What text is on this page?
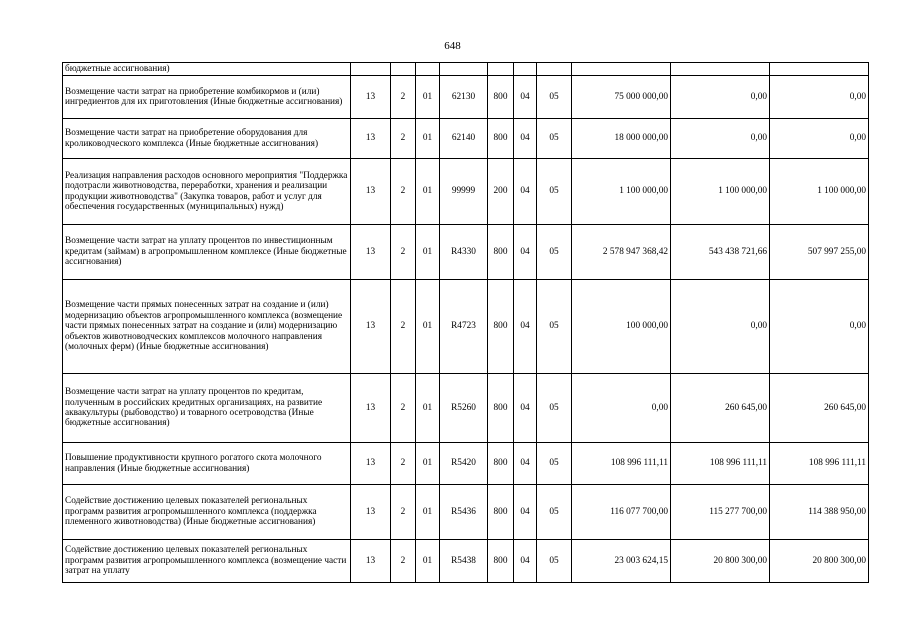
648
бюджетные ассигнования)										
Возмещение части затрат на приобретение комбикормов и (или) ингредиентов для их приготовления (Иные бюджетные ассигнования)	13	2	01	62130	800	04	05	75 000 000,00	0,00	0,00
Возмещение части затрат на приобретение оборудования для кролиководческого комплекса (Иные бюджетные ассигнования)	13	2	01	62140	800	04	05	18 000 000,00	0,00	0,00
Реализация направления расходов основного мероприятия "Поддержка подотрасли животноводства, переработки, хранения и реализации продукции животноводства" (Закупка товаров, работ и услуг для обеспечения государственных (муниципальных) нужд)	13	2	01	99999	200	04	05	1 100 000,00	1 100 000,00	1 100 000,00
Возмещение части затрат на уплату процентов по инвестиционным кредитам (займам) в агропромышленном комплексе (Иные бюджетные ассигнования)	13	2	01	R4330	800	04	05	2 578 947 368,42	543 438 721,66	507 997 255,00
Возмещение части прямых понесенных затрат на создание и (или) модернизацию объектов агропромышленного комплекса (возмещение части прямых понесенных затрат на создание и (или) модернизацию объектов животноводческих комплексов молочного направления (молочных ферм) (Иные бюджетные ассигнования)	13	2	01	R4723	800	04	05	100 000,00	0,00	0,00
Возмещение части затрат на уплату процентов по кредитам, полученным в российских кредитных организациях, на развитие аквакультуры (рыбоводство) и товарного осетроводства (Иные бюджетные ассигнования)	13	2	01	R5260	800	04	05	0,00	260 645,00	260 645,00
Повышение продуктивности крупного рогатого скота молочного направления (Иные бюджетные ассигнования)	13	2	01	R5420	800	04	05	108 996 111,11	108 996 111,11	108 996 111,11
Содействие достижению целевых показателей региональных программ развития агропромышленного комплекса (поддержка племенного животноводства) (Иные бюджетные ассигнования)	13	2	01	R5436	800	04	05	116 077 700,00	115 277 700,00	114 388 950,00
Содействие достижению целевых показателей региональных программ развития агропромышленного комплекса (возмещение части затрат на уплату	13	2	01	R5438	800	04	05	23 003 624,15	20 800 300,00	20 800 300,00
